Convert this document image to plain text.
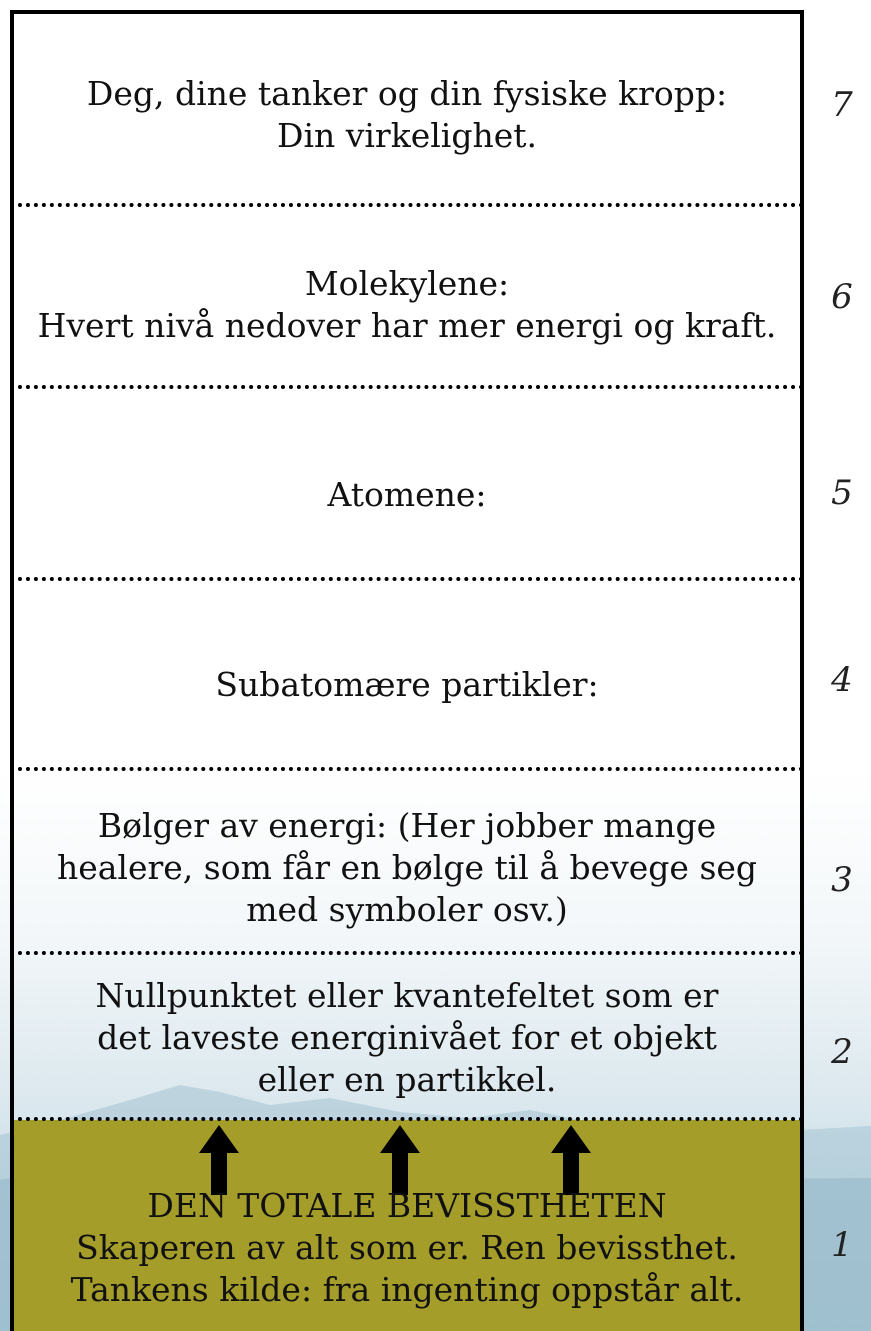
Deg, dine tanker og din fysiske kropp:
Din virkelighet.
7
Molekylene:
Hvert nivå nedover har mer energi og kraft.
6
Atomene:	5
Subatomære partikler:	4
Bølger av energi: (Her jobber mange
healere, som får en bølge til å bevege seg
med symboler osv.)
3
Nullpunktet eller kvantefeltet som er
det laveste energinivået for et objekt
eller en partikkel.
2
DEN TOTALE BEVISSTHETEN
Skaperen av alt som er. Ren bevissthet.
Tankens kilde: fra ingenting oppstår alt.
1
